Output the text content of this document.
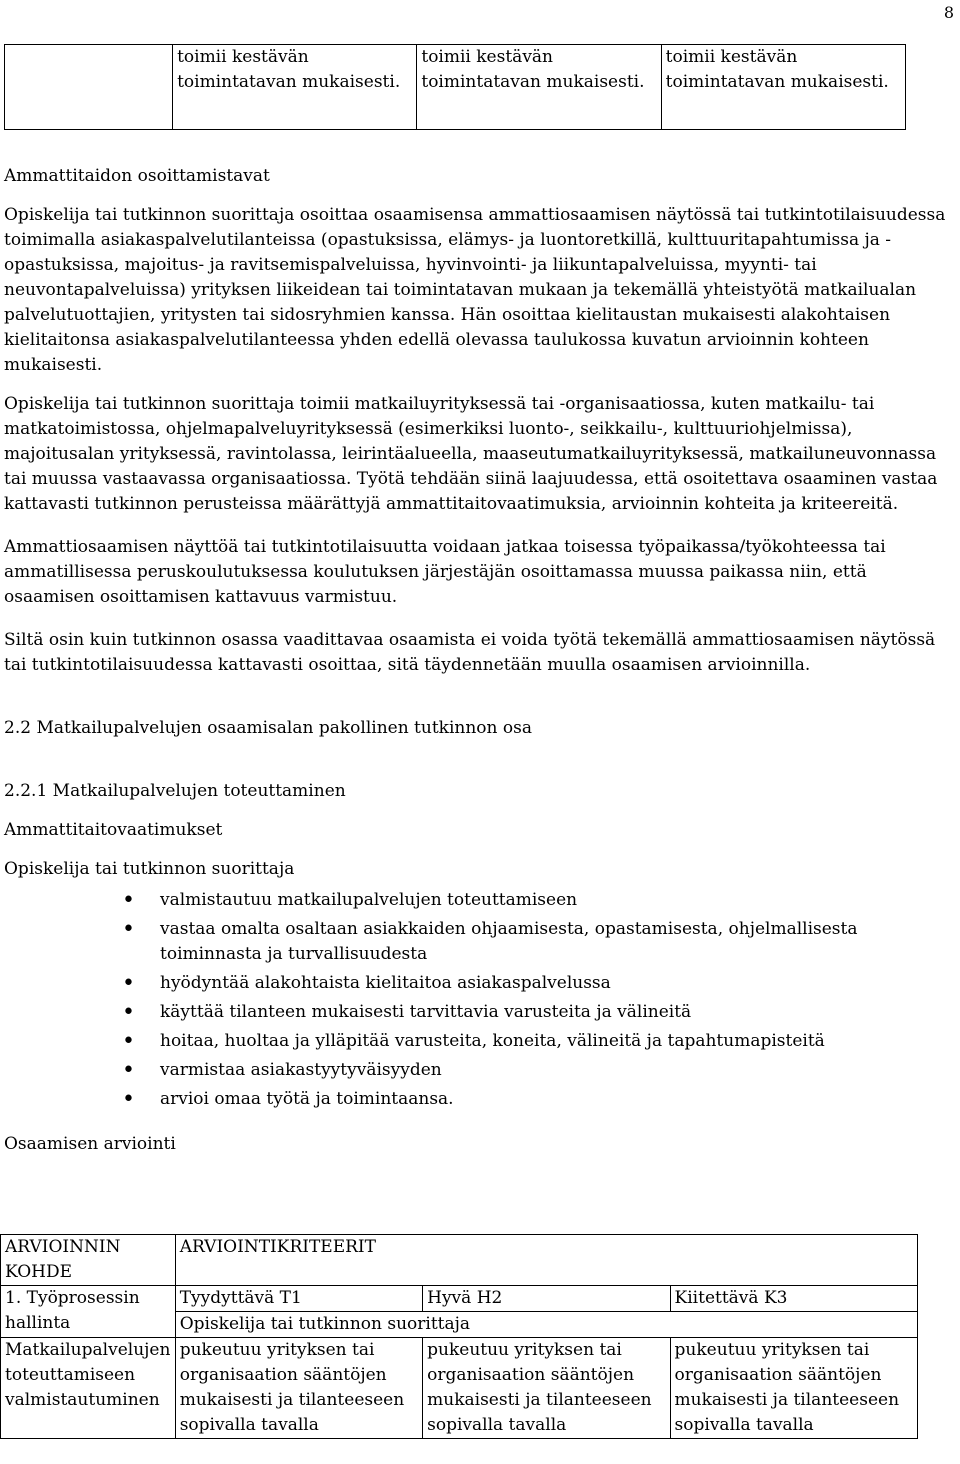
8
	toimii kestävän toimintatavan mukaisesti.	toimii kestävän toimintatavan mukaisesti.	toimii kestävän toimintatavan mukaisesti.

Ammattitaidon osoittamistavat

Opiskelija tai tutkinnon suorittaja osoittaa osaamisensa ammattiosaamisen näytössä tai tutkintotilaisuudessa toimimalla asiakaspalvelutilanteissa (opastuksissa, elämys- ja luontoretkillä, kulttuuritapahtumissa ja -opastuksissa, majoitus- ja ravitsemispalveluissa, hyvinvointi- ja liikuntapalveluissa, myynti- tai neuvontapalveluissa) yrityksen liikeidean tai toimintatavan mukaan ja tekemällä yhteistyötä matkailualan palvelutuottajien, yritysten tai sidosryhmien kanssa. Hän osoittaa kielitaustan mukaisesti alakohtaisen kielitaitonsa asiakaspalvelutilanteessa yhden edellä olevassa taulukossa kuvatun arvioinnin kohteen mukaisesti.

Opiskelija tai tutkinnon suorittaja toimii matkailuyrityksessä tai -organisaatiossa, kuten matkailu- tai matkatoimistossa, ohjelmapalveluyrityksessä (esimerkiksi luonto-, seikkailu-, kulttuuriohjelmissa), majoitusalan yrityksessä, ravintolassa, leirintäalueella, maaseutumatkailuyrityksessä, matkailuneuvonnassa tai muussa vastaavassa organisaatiossa. Työtä tehdään siinä laajuudessa, että osoitettava osaaminen vastaa kattavasti tutkinnon perusteissa määrättyjä ammattitaitovaatimuksia, arvioinnin kohteita ja kriteereitä.

Ammattiosaamisen näyttöä tai tutkintotilaisuutta voidaan jatkaa toisessa työpaikassa/työkohteessa tai ammatillisessa peruskoulutuksessa koulutuksen järjestäjän osoittamassa muussa paikassa niin, että osaamisen osoittamisen kattavuus varmistuu.

Siltä osin kuin tutkinnon osassa vaadittavaa osaamista ei voida työtä tekemällä ammattiosaamisen näytössä tai tutkintotilaisuudessa kattavasti osoittaa, sitä täydennetään muulla osaamisen arvioinnilla.

2.2 Matkailupalvelujen osaamisalan pakollinen tutkinnon osa

2.2.1 Matkailupalvelujen toteuttaminen

Ammattitaitovaatimukset

Opiskelija tai tutkinnon suorittaja

• valmistautuu matkailupalvelujen toteuttamiseen
• vastaa omalta osaltaan asiakkaiden ohjaamisesta, opastamisesta, ohjelmallisesta toiminnasta ja turvallisuudesta
• hyödyntää alakohtaista kielitaitoa asiakaspalvelussa
• käyttää tilanteen mukaisesti tarvittavia varusteita ja välineitä
• hoitaa, huoltaa ja ylläpitää varusteita, koneita, välineitä ja tapahtumapisteitä
• varmistaa asiakastyytyväisyyden
• arvioi omaa työtä ja toimintaansa.

Osaamisen arviointi

ARVIOINNIN KOHDE	ARVIOINTIKRITEERIT		
1. Työprosessin hallinta	Tyydyttävä T1	Hyvä H2	Kiitettävä K3
	Opiskelija tai tutkinnon suorittaja		
Matkailupalvelujen toteuttamiseen valmistautuminen	pukeutuu yrityksen tai organisaation sääntöjen mukaisesti ja tilanteeseen sopivalla tavalla	pukeutuu yrityksen tai organisaation sääntöjen mukaisesti ja tilanteeseen sopivalla tavalla	pukeutuu yrityksen tai organisaation sääntöjen mukaisesti ja tilanteeseen sopivalla tavalla
